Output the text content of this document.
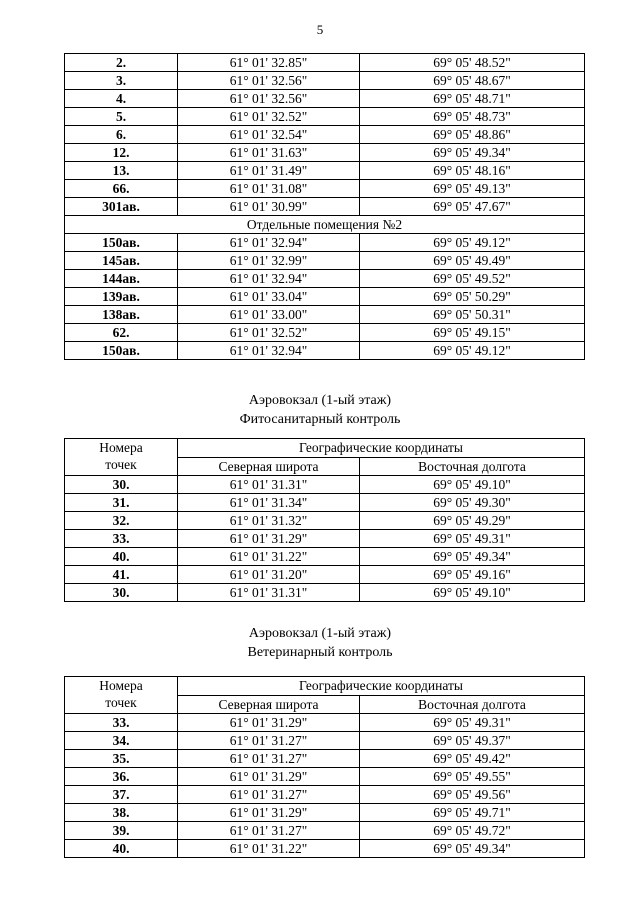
5
2.	61° 01' 32.85"	69° 05' 48.52"
3.	61° 01' 32.56"	69° 05' 48.67"
4.	61° 01' 32.56"	69° 05' 48.71"
5.	61° 01' 32.52"	69° 05' 48.73"
6.	61° 01' 32.54"	69° 05' 48.86"
12.	61° 01' 31.63"	69° 05' 49.34"
13.	61° 01' 31.49"	69° 05' 48.16"
66.	61° 01' 31.08"	69° 05' 49.13"
301ав.	61° 01' 30.99"	69° 05' 47.67"
Отдельные помещения №2		
150ав.	61° 01' 32.94"	69° 05' 49.12"
145ав.	61° 01' 32.99"	69° 05' 49.49"
144ав.	61° 01' 32.94"	69° 05' 49.52"
139ав.	61° 01' 33.04"	69° 05' 50.29"
138ав.	61° 01' 33.00"	69° 05' 50.31"
62.	61° 01' 32.52"	69° 05' 49.15"
150ав.	61° 01' 32.94"	69° 05' 49.12"
Аэровокзал (1-ый этаж)
Фитосанитарный контроль
Номера
точек	Географические координаты	
	Северная широта	Восточная долгота
30.	61° 01' 31.31"	69° 05' 49.10"
31.	61° 01' 31.34"	69° 05' 49.30"
32.	61° 01' 31.32"	69° 05' 49.29"
33.	61° 01' 31.29"	69° 05' 49.31"
40.	61° 01' 31.22"	69° 05' 49.34"
41.	61° 01' 31.20"	69° 05' 49.16"
30.	61° 01' 31.31"	69° 05' 49.10"
Аэровокзал (1-ый этаж)
Ветеринарный контроль
Номера
точек	Географические координаты	
	Северная широта	Восточная долгота
33.	61° 01' 31.29"	69° 05' 49.31"
34.	61° 01' 31.27"	69° 05' 49.37"
35.	61° 01' 31.27"	69° 05' 49.42"
36.	61° 01' 31.29"	69° 05' 49.55"
37.	61° 01' 31.27"	69° 05' 49.56"
38.	61° 01' 31.29"	69° 05' 49.71"
39.	61° 01' 31.27"	69° 05' 49.72"
40.	61° 01' 31.22"	69° 05' 49.34"
